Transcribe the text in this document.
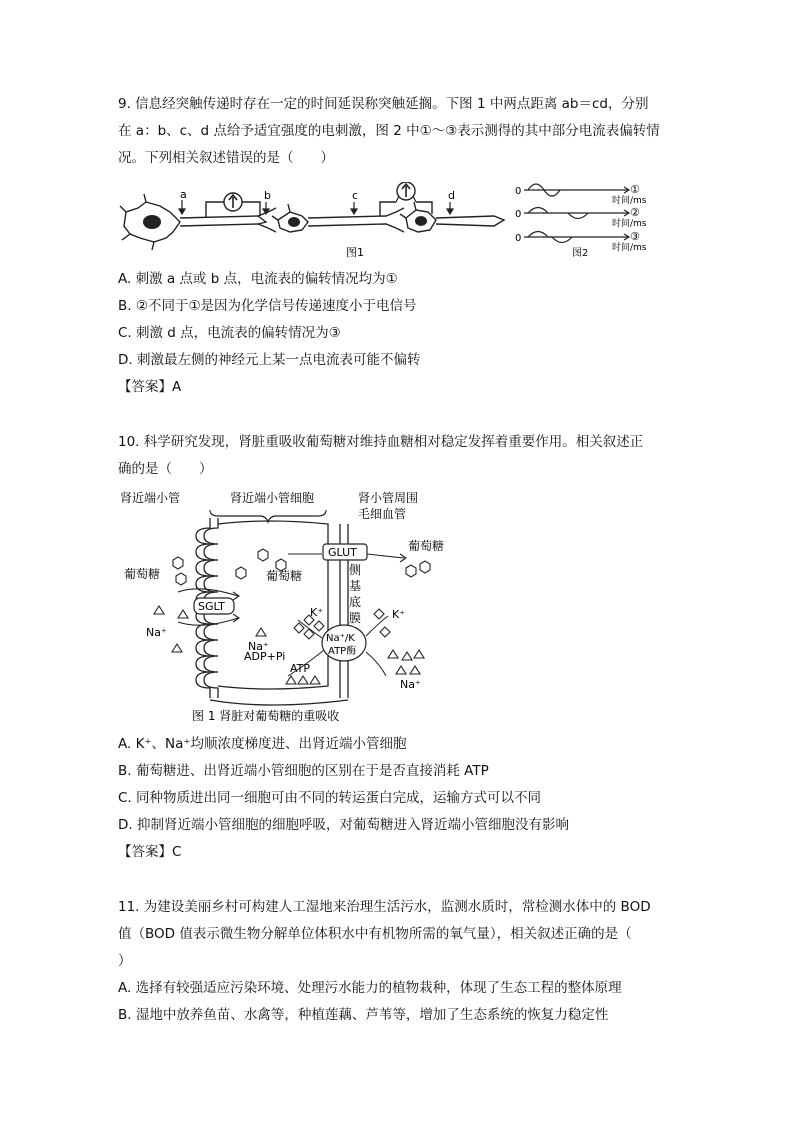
9. 信息经突触传递时存在一定的时间延误称突触延搁。下图 1 中两点距离 ab＝cd，分别
在 a：b、c、d 点给予适宜强度的电刺激，图 2 中①～③表示测得的其中部分电流表偏转情
况。下列相关叙述错误的是（　　）
a	b	c	d
图1
0
0
0
①
②
③
时间/ms
时间/ms
时间/ms
图2
A. 刺激 a 点或 b 点，电流表的偏转情况均为①
B. ②不同于①是因为化学信号传递速度小于电信号
C. 刺激 d 点，电流表的偏转情况为③
D. 刺激最左侧的神经元上某一点电流表可能不偏转
【答案】A
10. 科学研究发现，肾脏重吸收葡萄糖对维持血糖相对稳定发挥着重要作用。相关叙述正
确的是（　　）
肾近端小管	肾近端小管细胞	肾小管周围
毛细血管
GLUT
SGLT
Na⁺/K
ATP酶
侧
基
底
膜
葡萄糖	葡萄糖
葡萄糖
Na⁺
Na⁺
Na⁺
K⁺	K⁺
ADP+Pi
ATP
图 1 肾脏对葡萄糖的重吸收
A. K⁺、Na⁺均顺浓度梯度进、出肾近端小管细胞
B. 葡萄糖进、出肾近端小管细胞的区别在于是否直接消耗 ATP
C. 同种物质进出同一细胞可由不同的转运蛋白完成，运输方式可以不同
D. 抑制肾近端小管细胞的细胞呼吸，对葡萄糖进入肾近端小管细胞没有影响
【答案】C
11. 为建设美丽乡村可构建人工湿地来治理生活污水，监测水质时，常检测水体中的 BOD
值（BOD 值表示微生物分解单位体积水中有机物所需的氧气量），相关叙述正确的是（
）
A. 选择有较强适应污染环境、处理污水能力的植物栽种，体现了生态工程的整体原理
B. 湿地中放养鱼苗、水禽等，种植莲藕、芦苇等，增加了生态系统的恢复力稳定性
